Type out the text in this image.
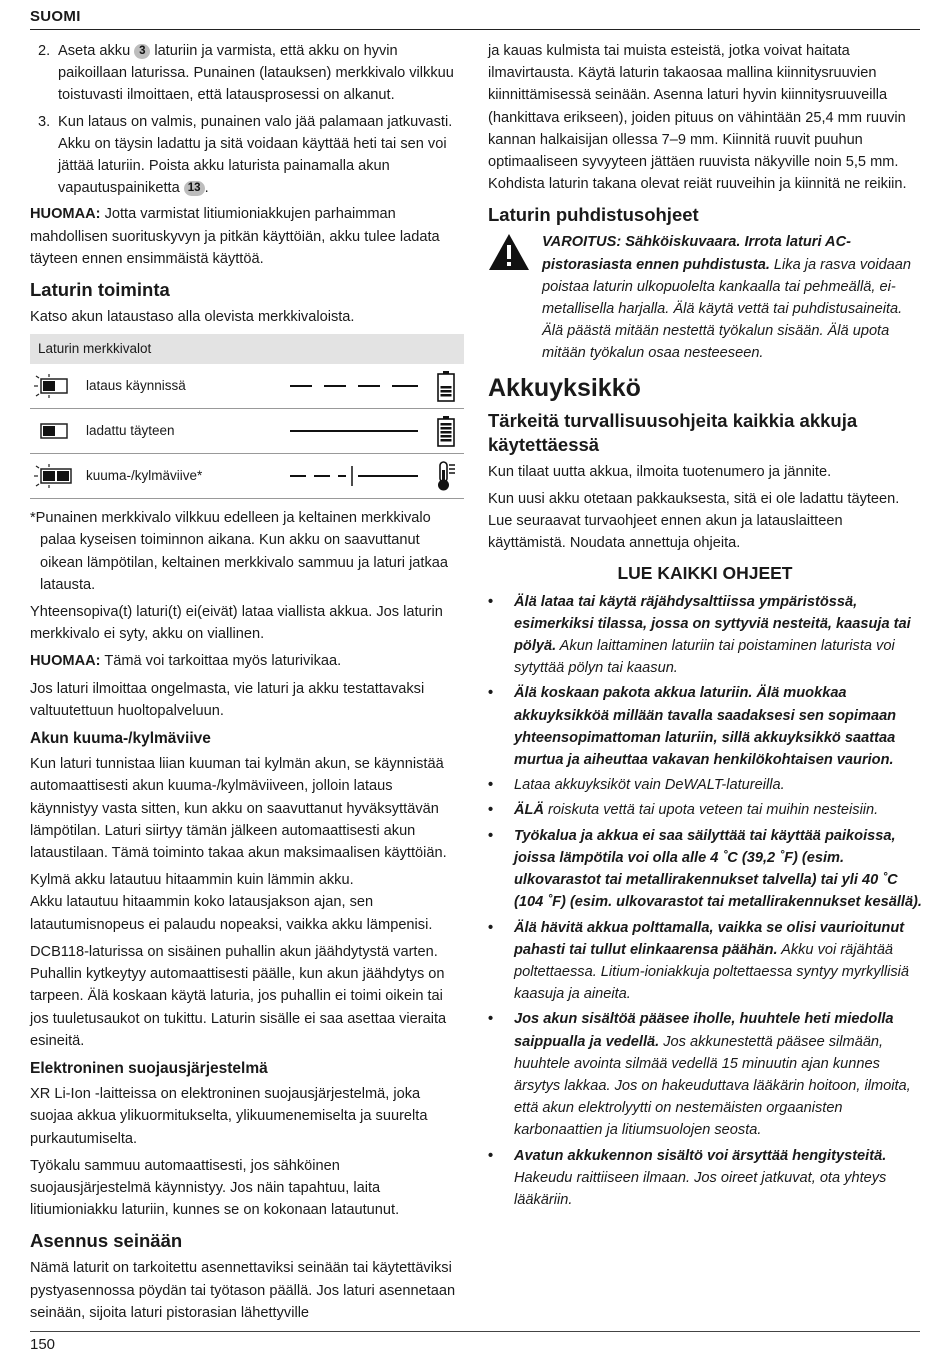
SUOMI
2. Aseta akku 3 laturiin ja varmista, että akku on hyvin paikoillaan laturissa. Punainen (latauksen) merkkivalo vilkkuu toistuvasti ilmoittaen, että latausprosessi on alkanut.
3. Kun lataus on valmis, punainen valo jää palamaan jatkuvasti. Akku on täysin ladattu ja sitä voidaan käyttää heti tai sen voi jättää laturiin. Poista akku laturista painamalla akun vapautuspainiketta 13 .

HUOMAA: Jotta varmistat litiumioniakkujen parhaimman mahdollisen suorituskyvyn ja pitkän käyttöiän, akku tulee ladata täyteen ennen ensimmäistä käyttöä.

Laturin toiminta

Katso akun lataustaso alla olevista merkkivaloista.

Laturin merkkivalot
lataus käynnissä
ladattu täyteen
kuuma-/kylmäviive*

*Punainen merkkivalo vilkkuu edelleen ja keltainen merkkivalo palaa kyseisen toiminnon aikana. Kun akku on saavuttanut oikean lämpötilan, keltainen merkkivalo sammuu ja laturi jatkaa latausta.

Yhteensopiva(t) laturi(t) ei(eivät) lataa viallista akkua. Jos laturin merkkivalo ei syty, akku on viallinen.

HUOMAA: Tämä voi tarkoittaa myös laturivikaa.

Jos laturi ilmoittaa ongelmasta, vie laturi ja akku testattavaksi valtuutettuun huoltopalveluun.

Akun kuuma-/kylmäviive

Kun laturi tunnistaa liian kuuman tai kylmän akun, se käynnistää automaattisesti akun kuuma-/kylmäviiveen, jolloin lataus käynnistyy vasta sitten, kun akku on saavuttanut hyväksyttävän lämpötilan. Laturi siirtyy tämän jälkeen automaattisesti akun lataustilaan. Tämä toiminto takaa akun maksimaalisen käyttöiän.

Kylmä akku latautuu hitaammin kuin lämmin akku.

Akku latautuu hitaammin koko latausjakson ajan, sen latautumisnopeus ei palaudu nopeaksi, vaikka akku lämpenisi.

DCB118-laturissa on sisäinen puhallin akun jäähdytystä varten. Puhallin kytkeytyy automaattisesti päälle, kun akun jäähdytys on tarpeen. Älä koskaan käytä laturia, jos puhallin ei toimi oikein tai jos tuuletusaukot on tukittu. Laturin sisälle ei saa asettaa vieraita esineitä.

Elektroninen suojausjärjestelmä

XR Li-Ion -laitteissa on elektroninen suojausjärjestelmä, joka suojaa akkua ylikuormitukselta, ylikuumenemiselta ja suurelta purkautumiselta.

Työkalu sammuu automaattisesti, jos sähköinen suojausjärjestelmä käynnistyy. Jos näin tapahtuu, laita litiumioniakku laturiin, kunnes se on kokonaan latautunut.

Asennus seinään

Nämä laturit on tarkoitettu asennettaviksi seinään tai käytettäviksi pystyasennossa pöydän tai työtason päällä. Jos laturi asennetaan seinään, sijoita laturi pistorasian lähettyville

ja kauas kulmista tai muista esteistä, jotka voivat haitata ilmavirtausta. Käytä laturin takaosaa mallina kiinnitysruuvien kiinnittämisessä seinään. Asenna laturi hyvin kiinnitysruuveilla (hankittava erikseen), joiden pituus on vähintään 25,4 mm ruuvin kannan halkaisijan ollessa 7–9 mm. Kiinnitä ruuvit puuhun optimaaliseen syvyyteen jättäen ruuvista näkyville noin 5,5 mm. Kohdista laturin takana olevat reiät ruuveihin ja kiinnitä ne reikiin.

Laturin puhdistusohjeet
VAROITUS: Sähköiskuvaara. Irrota laturi AC-pistorasiasta ennen puhdistusta. Lika ja rasva voidaan poistaa laturin ulkopuolelta kankaalla tai pehmeällä, ei-metallisella harjalla. Älä käytä vettä tai puhdistusaineita. Älä päästä mitään nestettä työkalun sisään. Älä upota mitään työkalun osaa nesteeseen.
Akkuyksikkö
Tärkeitä turvallisuusohjeita kaikkia akkuja käytettäessä

Kun tilaat uutta akkua, ilmoita tuotenumero ja jännite.

Kun uusi akku otetaan pakkauksesta, sitä ei ole ladattu täyteen. Lue seuraavat turvaohjeet ennen akun ja latauslaitteen käyttämistä. Noudata annettuja ohjeita.

LUE KAIKKI OHJEET
• Älä lataa tai käytä räjähdysalttiissa ympäristössä, esimerkiksi tilassa, jossa on syttyviä nesteitä, kaasuja tai pölyä. Akun laittaminen laturiin tai poistaminen laturista voi sytyttää pölyn tai kaasun.
• Älä koskaan pakota akkua laturiin. Älä muokkaa akkuyksikköä millään tavalla saadaksesi sen sopimaan yhteensopimattoman laturiin, sillä akkuyksikkö saattaa murtua ja aiheuttaa vakavan henkilökohtaisen vaurion.
• Lataa akkuyksiköt vain DeWALT-latureilla.
• ÄLÄ roiskuta vettä tai upota veteen tai muihin nesteisiin.
• Työkalua ja akkua ei saa säilyttää tai käyttää paikoissa, joissa lämpötila voi olla alle 4 ˚C (39,2 ˚F) (esim. ulkovarastot tai metallirakennukset talvella) tai yli 40 ˚C (104 ˚F) (esim. ulkovarastot tai metallirakennukset kesällä).
• Älä hävitä akkua polttamalla, vaikka se olisi vaurioitunut pahasti tai tullut elinkaarensa päähän. Akku voi räjähtää poltettaessa. Litium-ioniakkuja poltettaessa syntyy myrkyllisiä kaasuja ja aineita.
• Jos akun sisältöä pääsee iholle, huuhtele heti miedolla saippualla ja vedellä. Jos akkunestettä pääsee silmään, huuhtele avointa silmää vedellä 15 minuutin ajan kunnes ärsytys lakkaa. Jos on hakeuduttava lääkärin hoitoon, ilmoita, että akun elektrolyytti on nestemäisten orgaanisten karbonaattien ja litiumsuolojen seosta.
• Avatun akkukennon sisältö voi ärsyttää hengitysteitä. Hakeudu raittiiseen ilmaan. Jos oireet jatkuvat, ota yhteys lääkäriin.
150
